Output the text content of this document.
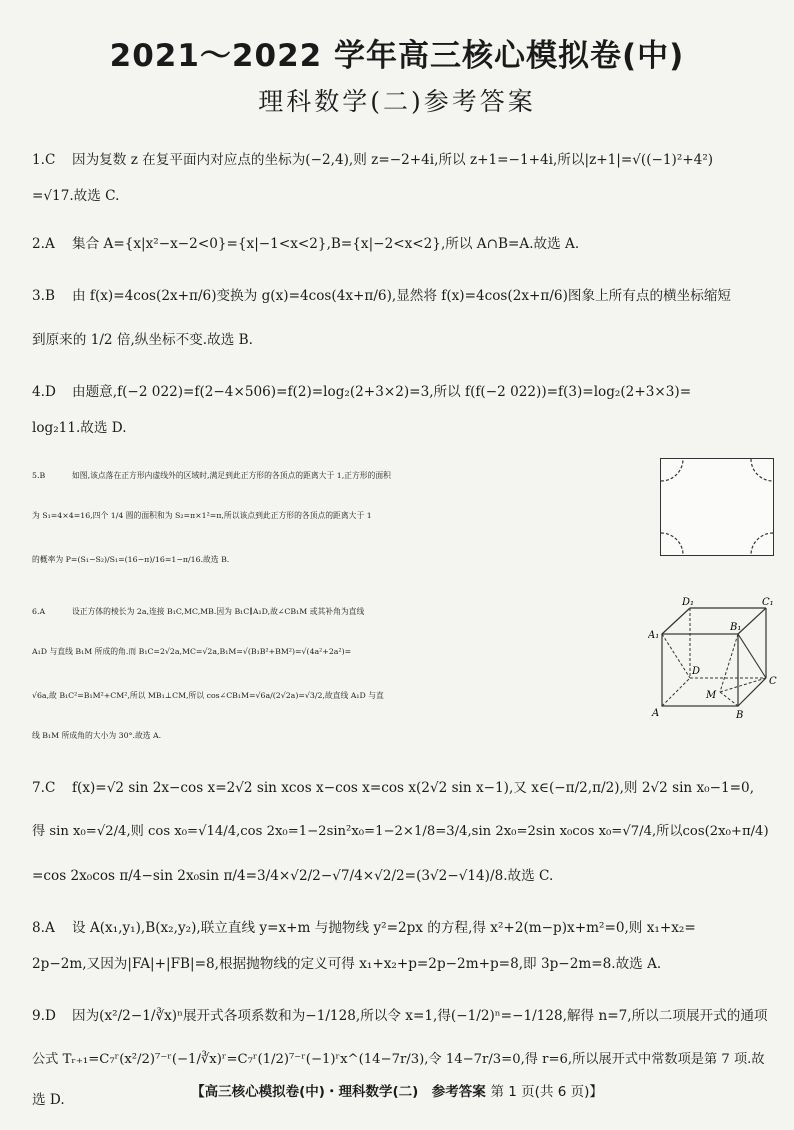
2021～2022 学年高三核心模拟卷(中)
理科数学(二)参考答案
1.C 因为复数 z 在复平面内对应点的坐标为(−2,4),则 z=−2+4i,所以 z+1=−1+4i,所以|z+1|=√((−1)²+4²)
=√17.故选 C.
2.A 集合 A={x|x²−x−2<0}={x|−1<x<2},B={x|−2<x<2},所以 A∩B=A.故选 A.
3.B 由 f(x)=4cos(2x+π/6)变换为 g(x)=4cos(4x+π/6),显然将 f(x)=4cos(2x+π/6)图象上所有点的横坐标缩短
到原来的 1/2 倍,纵坐标不变.故选 B.
4.D 由题意,f(−2 022)=f(2−4×506)=f(2)=log₂(2+3×2)=3,所以 f(f(−2 022))=f(3)=log₂(2+3×3)=
log₂11.故选 D.
5.B	如图,该点落在正方形内虚线外的区域时,满足到此正方形的各顶点的距离大于 1,正方形的面积
为 S₁=4×4=16,四个 1/4 圆的面积和为 S₂=π×1²=π,所以该点到此正方形的各顶点的距离大于 1
的概率为 P=(S₁−S₂)/S₁=(16−π)/16=1−π/16.故选 B.
6.A	设正方体的棱长为 2a,连接 B₁C,MC,MB.因为 B₁C∥A₁D,故∠CB₁M 或其补角为直线
A₁D 与直线 B₁M 所成的角.而 B₁C=2√2a,MC=√2a,B₁M=√(B₁B²+BM²)=√(4a²+2a²)=
√6a,故 B₁C²=B₁M²+CM²,所以 MB₁⊥CM,所以 cos∠CB₁M=√6a/(2√2a)=√3/2,故直线 A₁D 与直
线 B₁M 所成角的大小为 30°.故选 A.
D₁	C₁
B₁
A₁
D
C
M
A	B
7.C f(x)=√2 sin 2x−cos x=2√2 sin xcos x−cos x=cos x(2√2 sin x−1),又 x∈(−π/2,π/2),则 2√2 sin x₀−1=0,
得 sin x₀=√2/4,则 cos x₀=√14/4,cos 2x₀=1−2sin²x₀=1−2×1/8=3/4,sin 2x₀=2sin x₀cos x₀=√7/4,所以cos(2x₀+π/4)
=cos 2x₀cos π/4−sin 2x₀sin π/4=3/4×√2/2−√7/4×√2/2=(3√2−√14)/8.故选 C.
8.A 设 A(x₁,y₁),B(x₂,y₂),联立直线 y=x+m 与抛物线 y²=2px 的方程,得 x²+2(m−p)x+m²=0,则 x₁+x₂=
2p−2m,又因为|FA|+|FB|=8,根据抛物线的定义可得 x₁+x₂+p=2p−2m+p=8,即 3p−2m=8.故选 A.
9.D 因为(x²/2−1/∛x)ⁿ展开式各项系数和为−1/128,所以令 x=1,得(−1/2)ⁿ=−1/128,解得 n=7,所以二项展开式的通项
公式 Tᵣ₊₁=C₇ʳ(x²/2)⁷⁻ʳ(−1/∛x)ʳ=C₇ʳ(1/2)⁷⁻ʳ(−1)ʳx^(14−7r/3),令 14−7r/3=0,得 r=6,所以展开式中常数项是第 7 项.故
选 D.	【高三核心模拟卷(中)・理科数学(二)　参考答案 第 1 页(共 6 页)】
